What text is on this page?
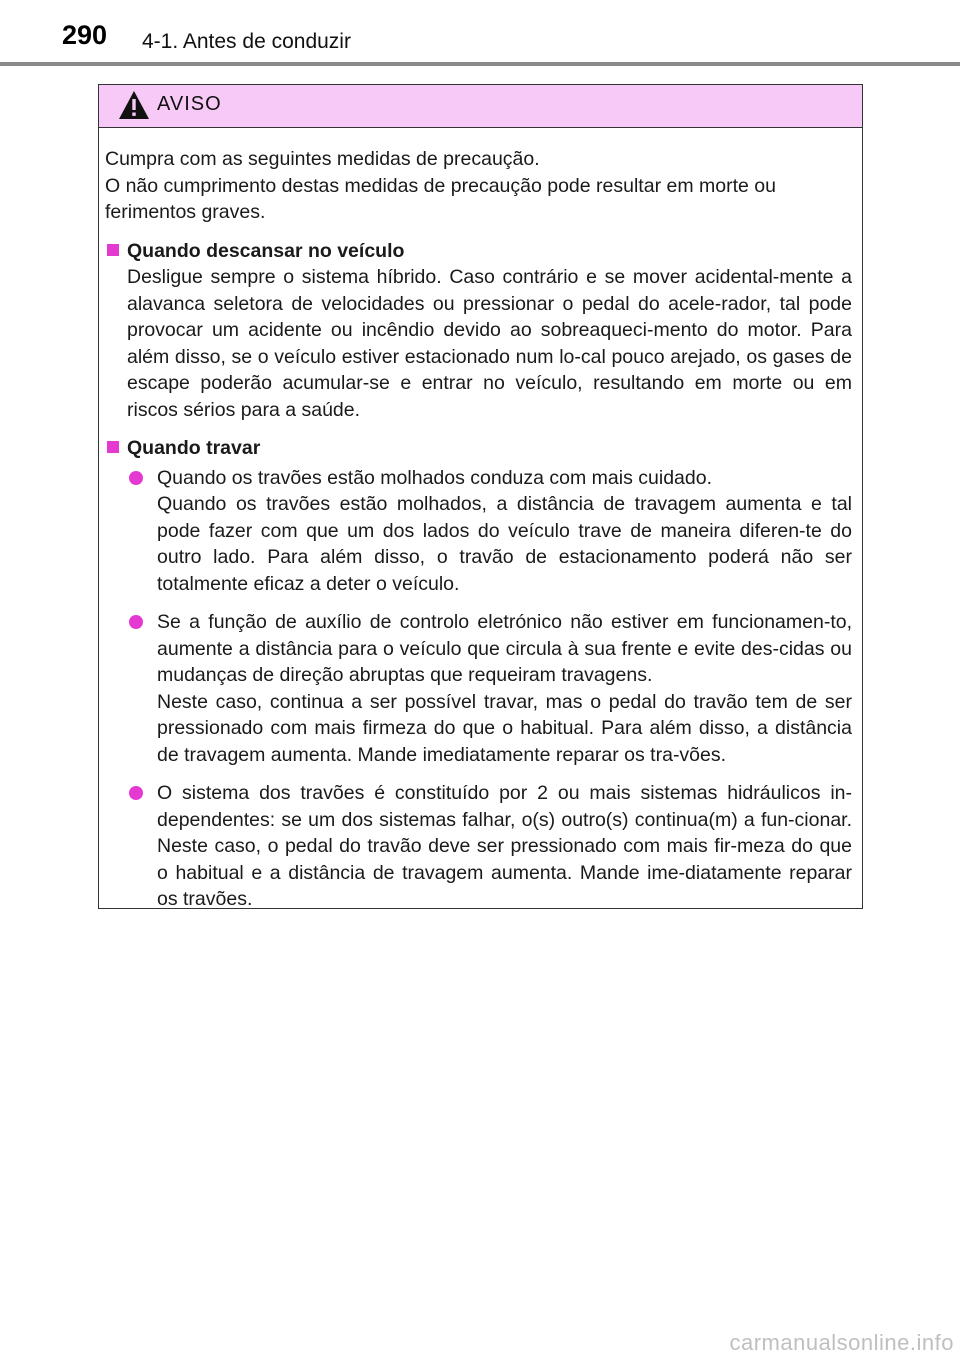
290 4-1. Antes de conduzir
AVISO

Cumpra com as seguintes medidas de precaução.

O não cumprimento destas medidas de precaução pode resultar em morte ou ferimentos graves.

Quando descansar no veículo
Desligue sempre o sistema híbrido. Caso contrário e se mover acidental-mente a alavanca seletora de velocidades ou pressionar o pedal do acele-rador, tal pode provocar um acidente ou incêndio devido ao sobreaqueci-mento do motor. Para além disso, se o veículo estiver estacionado num lo-cal pouco arejado, os gases de escape poderão acumular-se e entrar no veículo, resultando em morte ou em riscos sérios para a saúde.
Quando travar

Quando os travões estão molhados conduza com mais cuidado.

Quando os travões estão molhados, a distância de travagem aumenta e tal pode fazer com que um dos lados do veículo trave de maneira diferen-te do outro lado. Para além disso, o travão de estacionamento poderá não ser totalmente eficaz a deter o veículo.

Se a função de auxílio de controlo eletrónico não estiver em funcionamen-to, aumente a distância para o veículo que circula à sua frente e evite des-cidas ou mudanças de direção abruptas que requeiram travagens.

Neste caso, continua a ser possível travar, mas o pedal do travão tem de ser pressionado com mais firmeza do que o habitual. Para além disso, a distância de travagem aumenta. Mande imediatamente reparar os tra-vões.

O sistema dos travões é constituído por 2 ou mais sistemas hidráulicos in-dependentes: se um dos sistemas falhar, o(s) outro(s) continua(m) a fun-cionar. Neste caso, o pedal do travão deve ser pressionado com mais fir-meza do que o habitual e a distância de travagem aumenta. Mande ime-diatamente reparar os travões.

carmanualsonline.info
